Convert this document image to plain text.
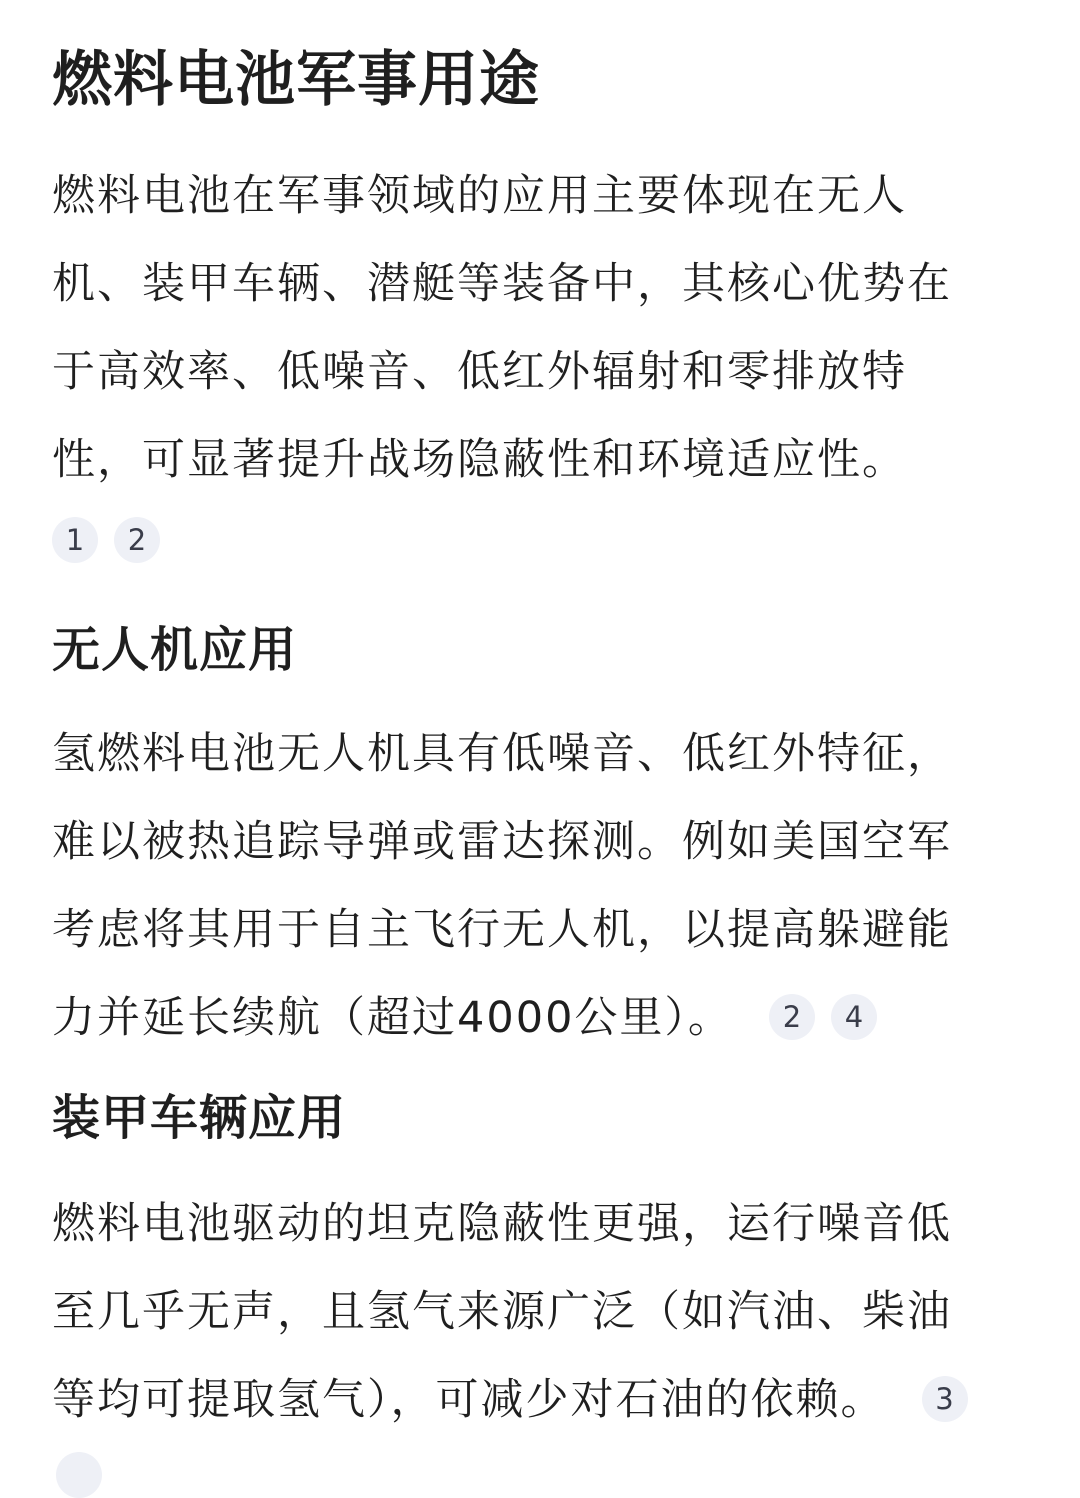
燃料电池军事用途
燃料电池在军事领域的应用主要体现在无人
机、装甲车辆、潜艇等装备中，其核心优势在
于高效率、低噪音、低红外辐射和零排放特
性，可显著提升战场隐蔽性和环境适应性。
1	2
无人机应用
氢燃料电池无人机具有低噪音、低红外特征，
难以被热追踪导弹或雷达探测。例如美国空军
考虑将其用于自主飞行无人机，以提高躲避能
力并延长续航（超过4000公里）。 2 4
装甲车辆应用
燃料电池驱动的坦克隐蔽性更强，运行噪音低
至几乎无声，且氢气来源广泛（如汽油、柴油
等均可提取氢气），可减少对石油的依赖。 3
